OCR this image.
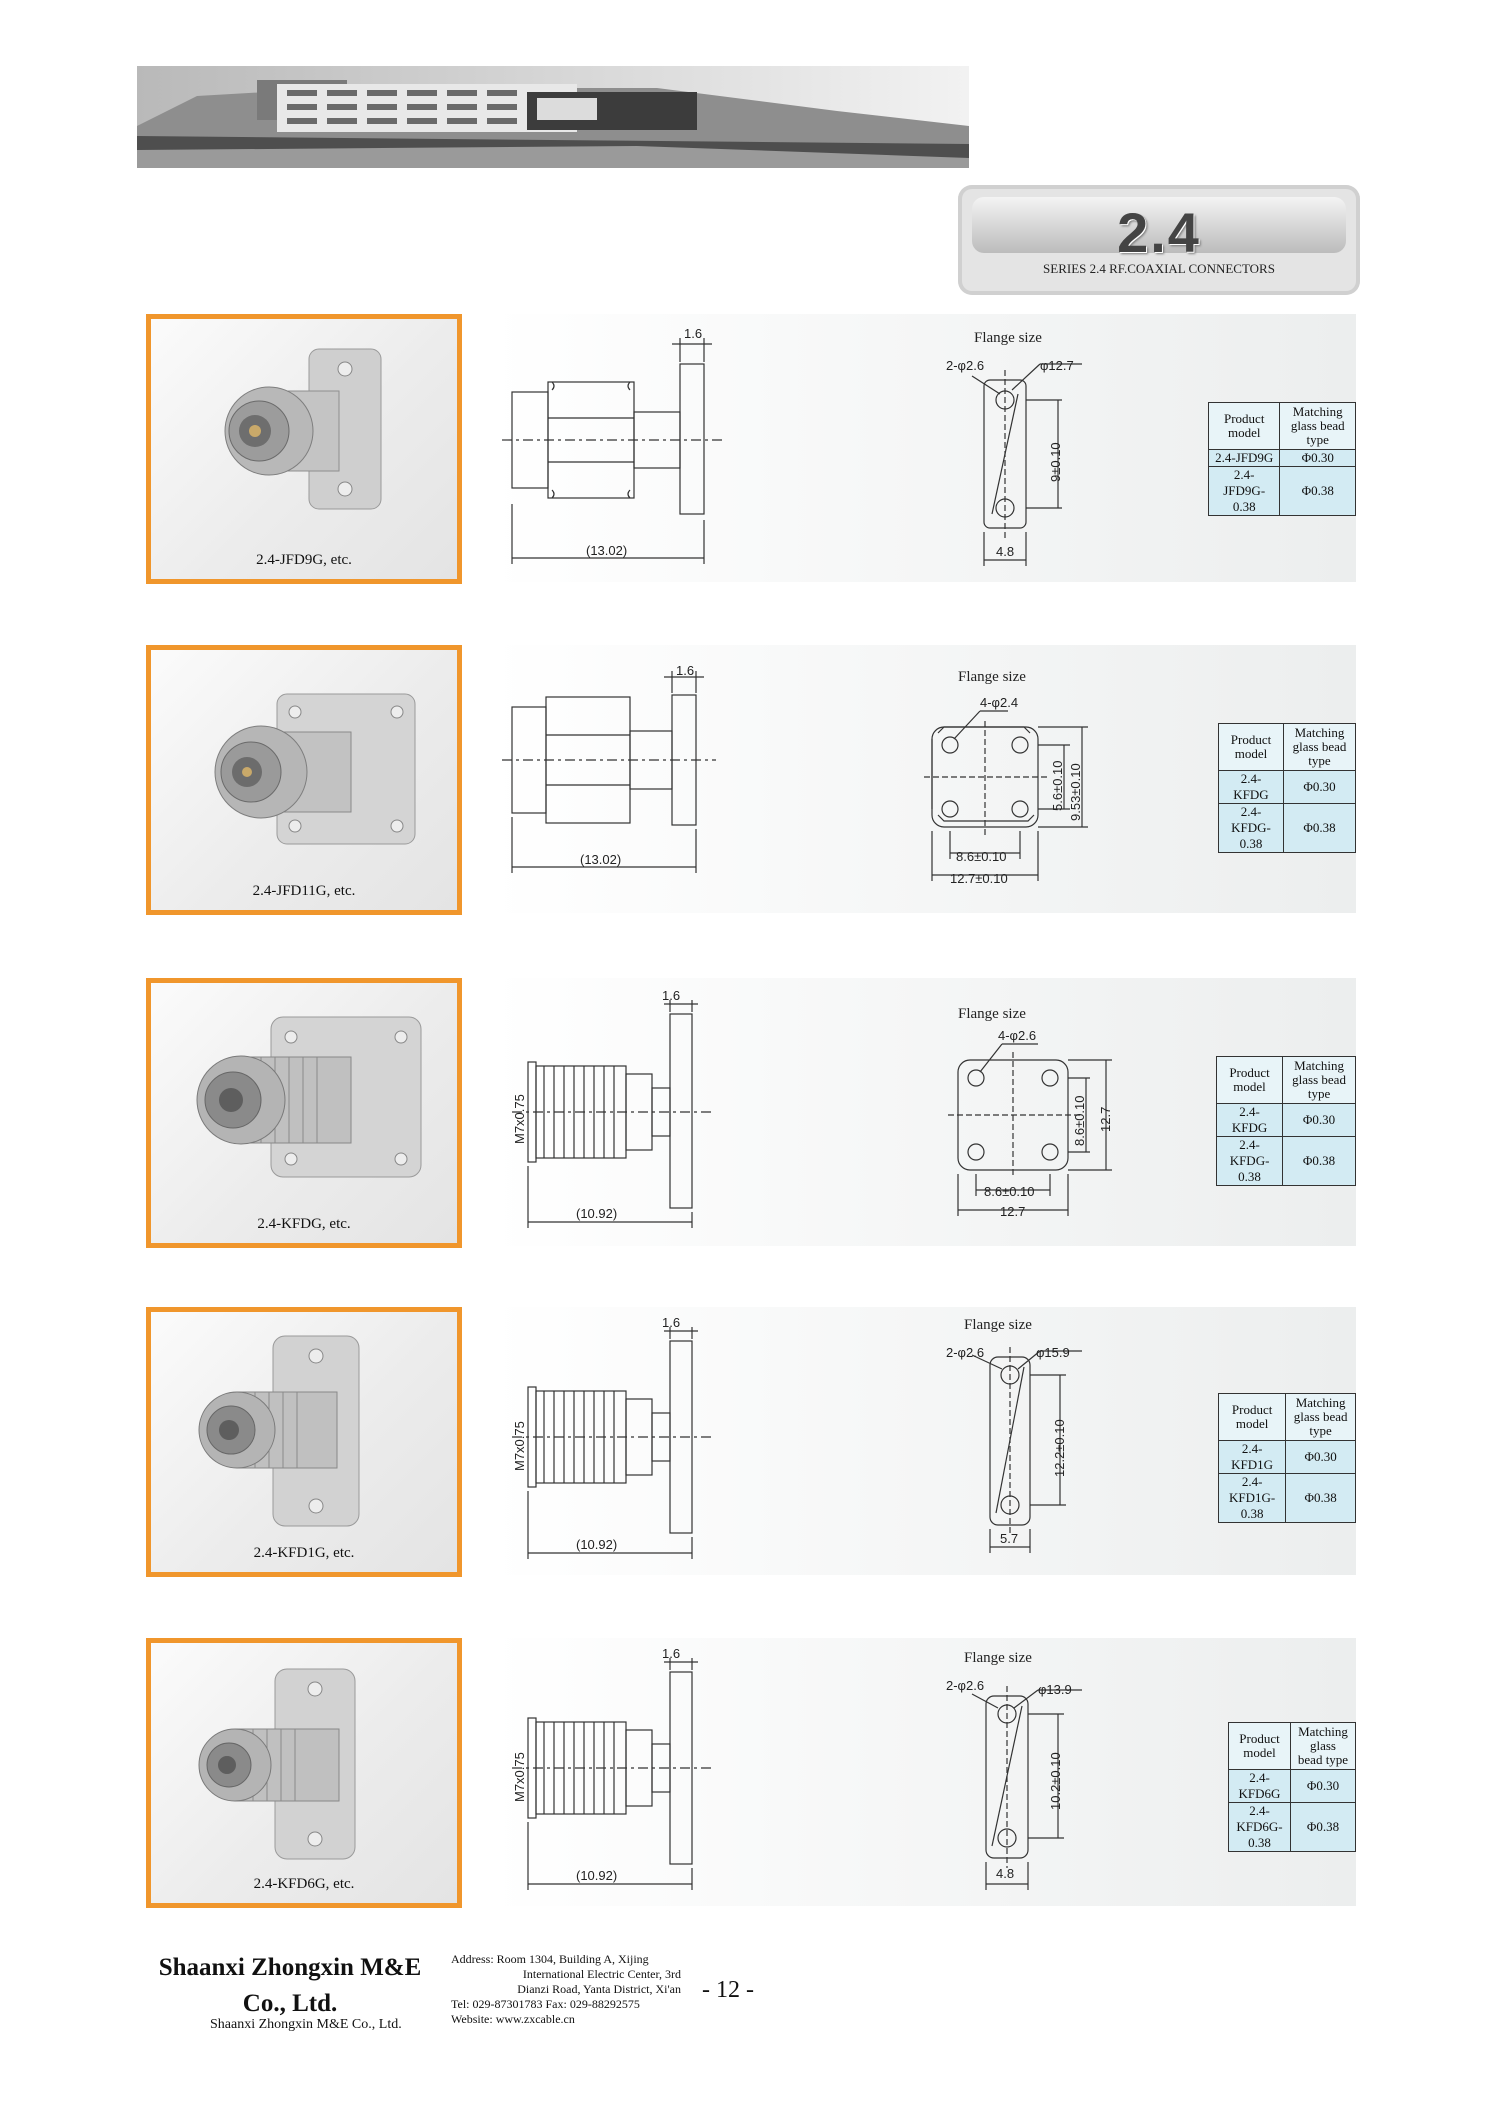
2.4
SERIES 2.4 RF.COAXIAL CONNECTORS
2.4-JFD9G, etc.
1.6
(13.02)
Flange size
2-φ2.6	φ12.7
9±0.10
4.8
Product model	Matching glass bead type
2.4-JFD9G	Φ0.30
2.4-JFD9G-0.38	Φ0.38
2.4-JFD11G, etc.
1.6
(13.02)
Flange size
4-φ2.4
5.6±0.10 9.53±0.10
8.6±0.10
12.7±0.10
Product model	Matching glass bead type
2.4-KFDG	Φ0.30
2.4-KFDG-0.38	Φ0.38
2.4-KFDG, etc.
1.6
M7x0.75
(10.92)
Flange size
4-φ2.6
8.6±0.10 12.7
8.6±0.10
12.7
Product model	Matching glass bead type
2.4-KFDG	Φ0.30
2.4-KFDG-0.38	Φ0.38
2.4-KFD1G, etc.
1.6
M7x0.75
(10.92)
Flange size
2-φ2.6	φ15.9
12.2±0.10
5.7
Product model	Matching glass bead type
2.4-KFD1G	Φ0.30
2.4-KFD1G-0.38	Φ0.38
2.4-KFD6G, etc.
1.6
M7x0.75
(10.92)
Flange size
2-φ2.6	φ13.9
10.2±0.10
4.8
Product model	Matching glass bead type
2.4-KFD6G	Φ0.30
2.4-KFD6G-0.38	Φ0.38
Shaanxi Zhongxin M&E Co., Ltd.
Shaanxi Zhongxin M&E Co., Ltd.
Address: Room 1304, Building A, Xijing
International Electric Center, 3rd
Dianzi Road, Yanta District, Xi'an
Tel: 029-87301783 Fax: 029-88292575
Website: www.zxcable.cn
- 12 -
